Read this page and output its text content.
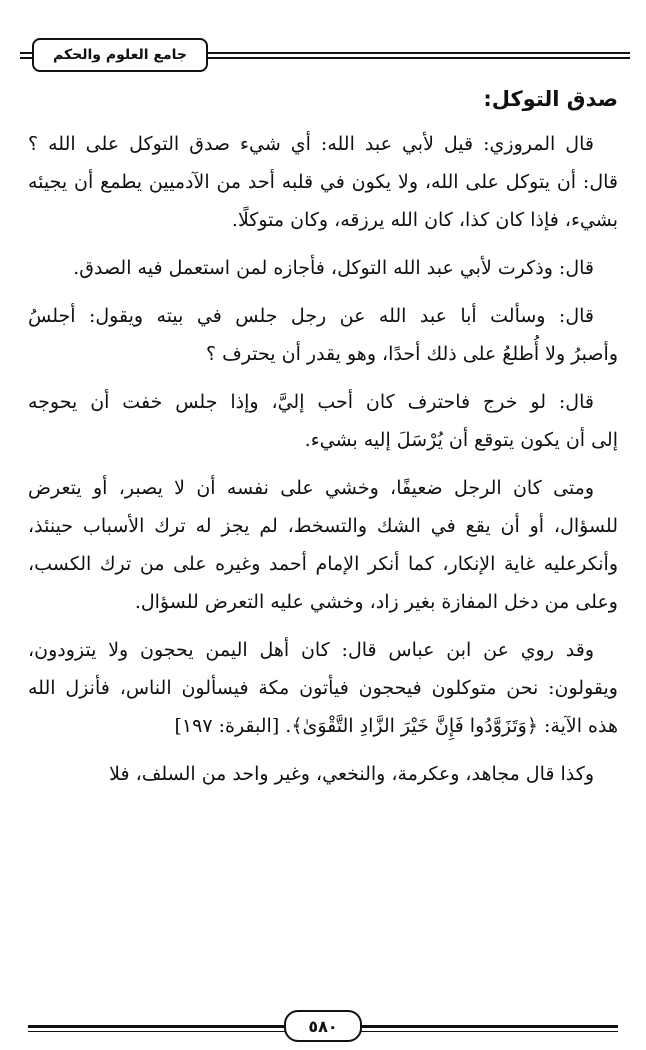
جامع العلوم والحكم
صدق التوكل:
قال المروزي: قيل لأبي عبد الله: أي شيء صدق التوكل على الله ؟
قال: أن يتوكل على الله، ولا يكون في قلبه أحد من الآدميين يطمع أن يجيئه
بشيء، فإذا كان كذا، كان الله يرزقه، وكان متوكلًا.
قال: وذكرت لأبي عبد الله التوكل، فأجازه لمن استعمل فيه الصدق.
قال: وسألت أبا عبد الله عن رجل جلس في بيته ويقول: أجلسُ
وأصبرُ ولا أُطلعُ على ذلك أحدًا، وهو يقدر أن يحترف ؟
قال: لو خرج فاحترف كان أحب إليَّ، وإذا جلس خفت أن يحوجه
إلى أن يكون يتوقع أن يُرْسَلَ إليه بشيء.
ومتى كان الرجل ضعيفًا، وخشي على نفسه أن لا يصبر، أو يتعرض
للسؤال، أو أن يقع في الشك والتسخط، لم يجز له ترك الأسباب حينئذ،
وأنكرعليه غاية الإنكار، كما أنكر الإمام أحمد وغيره على من ترك الكسب،
وعلى من دخل المفازة بغير زاد، وخشي عليه التعرض للسؤال.
وقد روي عن ابن عباس قال: كان أهل اليمن يحجون ولا يتزودون،
ويقولون: نحن متوكلون فيحجون فيأتون مكة فيسألون الناس، فأنزل الله
هذه الآية: ﴿وَتَزَوَّدُوا فَإِنَّ خَيْرَ الزَّادِ التَّقْوَىٰ﴾. [البقرة: ١٩٧]
وكذا قال مجاهد، وعكرمة، والنخعي، وغير واحد من السلف، فلا
٥٨٠
